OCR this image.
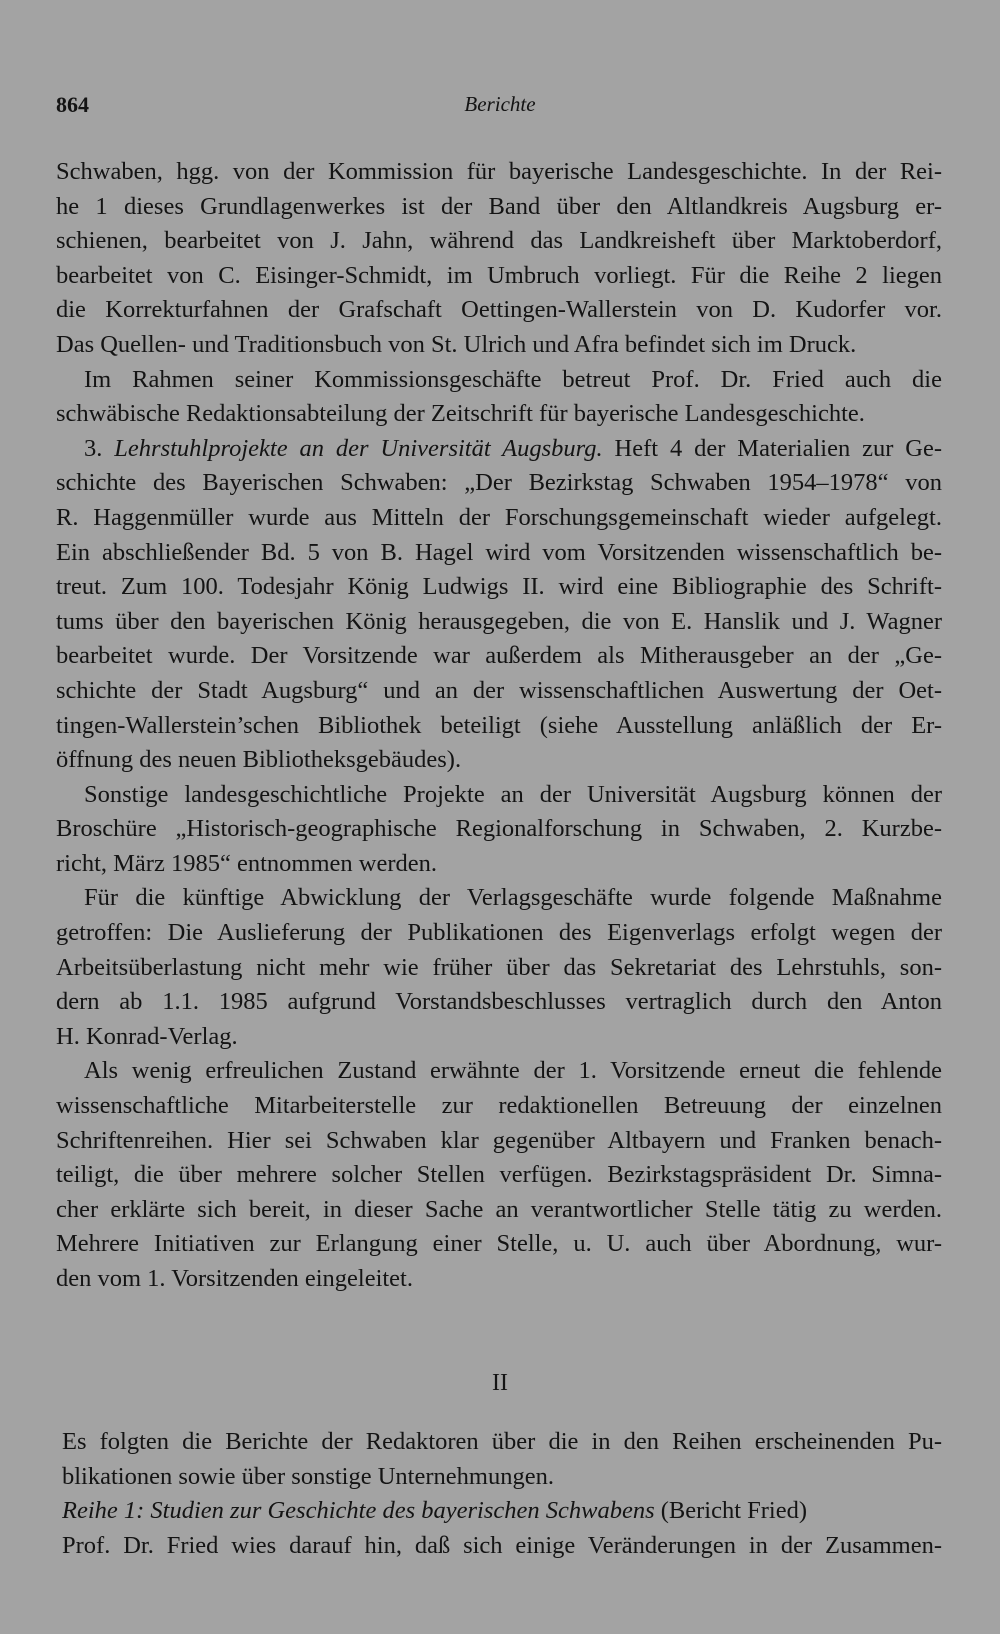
864	Berichte
Schwaben, hgg. von der Kommission für bayerische Landesgeschichte. In der Rei-
he 1 dieses Grundlagenwerkes ist der Band über den Altlandkreis Augsburg er-
schienen, bearbeitet von J. Jahn, während das Landkreisheft über Marktoberdorf,
bearbeitet von C. Eisinger-Schmidt, im Umbruch vorliegt. Für die Reihe 2 liegen
die Korrekturfahnen der Grafschaft Oettingen-Wallerstein von D. Kudorfer vor.
Das Quellen- und Traditionsbuch von St. Ulrich und Afra befindet sich im Druck.
Im Rahmen seiner Kommissionsgeschäfte betreut Prof. Dr. Fried auch die
schwäbische Redaktionsabteilung der Zeitschrift für bayerische Landesgeschichte.
3. Lehrstuhlprojekte an der Universität Augsburg. Heft 4 der Materialien zur Ge-
schichte des Bayerischen Schwaben: „Der Bezirkstag Schwaben 1954–1978“ von
R. Haggenmüller wurde aus Mitteln der Forschungsgemeinschaft wieder aufgelegt.
Ein abschließender Bd. 5 von B. Hagel wird vom Vorsitzenden wissenschaftlich be-
treut. Zum 100. Todesjahr König Ludwigs II. wird eine Bibliographie des Schrift-
tums über den bayerischen König herausgegeben, die von E. Hanslik und J. Wagner
bearbeitet wurde. Der Vorsitzende war außerdem als Mitherausgeber an der „Ge-
schichte der Stadt Augsburg“ und an der wissenschaftlichen Auswertung der Oet-
tingen-Wallerstein’schen Bibliothek beteiligt (siehe Ausstellung anläßlich der Er-
öffnung des neuen Bibliotheksgebäudes).
Sonstige landesgeschichtliche Projekte an der Universität Augsburg können der
Broschüre „Historisch-geographische Regionalforschung in Schwaben, 2. Kurzbe-
richt, März 1985“ entnommen werden.
Für die künftige Abwicklung der Verlagsgeschäfte wurde folgende Maßnahme
getroffen: Die Auslieferung der Publikationen des Eigenverlags erfolgt wegen der
Arbeitsüberlastung nicht mehr wie früher über das Sekretariat des Lehrstuhls, son-
dern ab 1.1. 1985 aufgrund Vorstandsbeschlusses vertraglich durch den Anton
H. Konrad-Verlag.
Als wenig erfreulichen Zustand erwähnte der 1. Vorsitzende erneut die fehlende
wissenschaftliche Mitarbeiterstelle zur redaktionellen Betreuung der einzelnen
Schriftenreihen. Hier sei Schwaben klar gegenüber Altbayern und Franken benach-
teiligt, die über mehrere solcher Stellen verfügen. Bezirkstagspräsident Dr. Simna-
cher erklärte sich bereit, in dieser Sache an verantwortlicher Stelle tätig zu werden.
Mehrere Initiativen zur Erlangung einer Stelle, u. U. auch über Abordnung, wur-
den vom 1. Vorsitzenden eingeleitet.
II
Es folgten die Berichte der Redaktoren über die in den Reihen erscheinenden Pu-
blikationen sowie über sonstige Unternehmungen.
Reihe 1: Studien zur Geschichte des bayerischen Schwabens (Bericht Fried)
Prof. Dr. Fried wies darauf hin, daß sich einige Veränderungen in der Zusammen-
